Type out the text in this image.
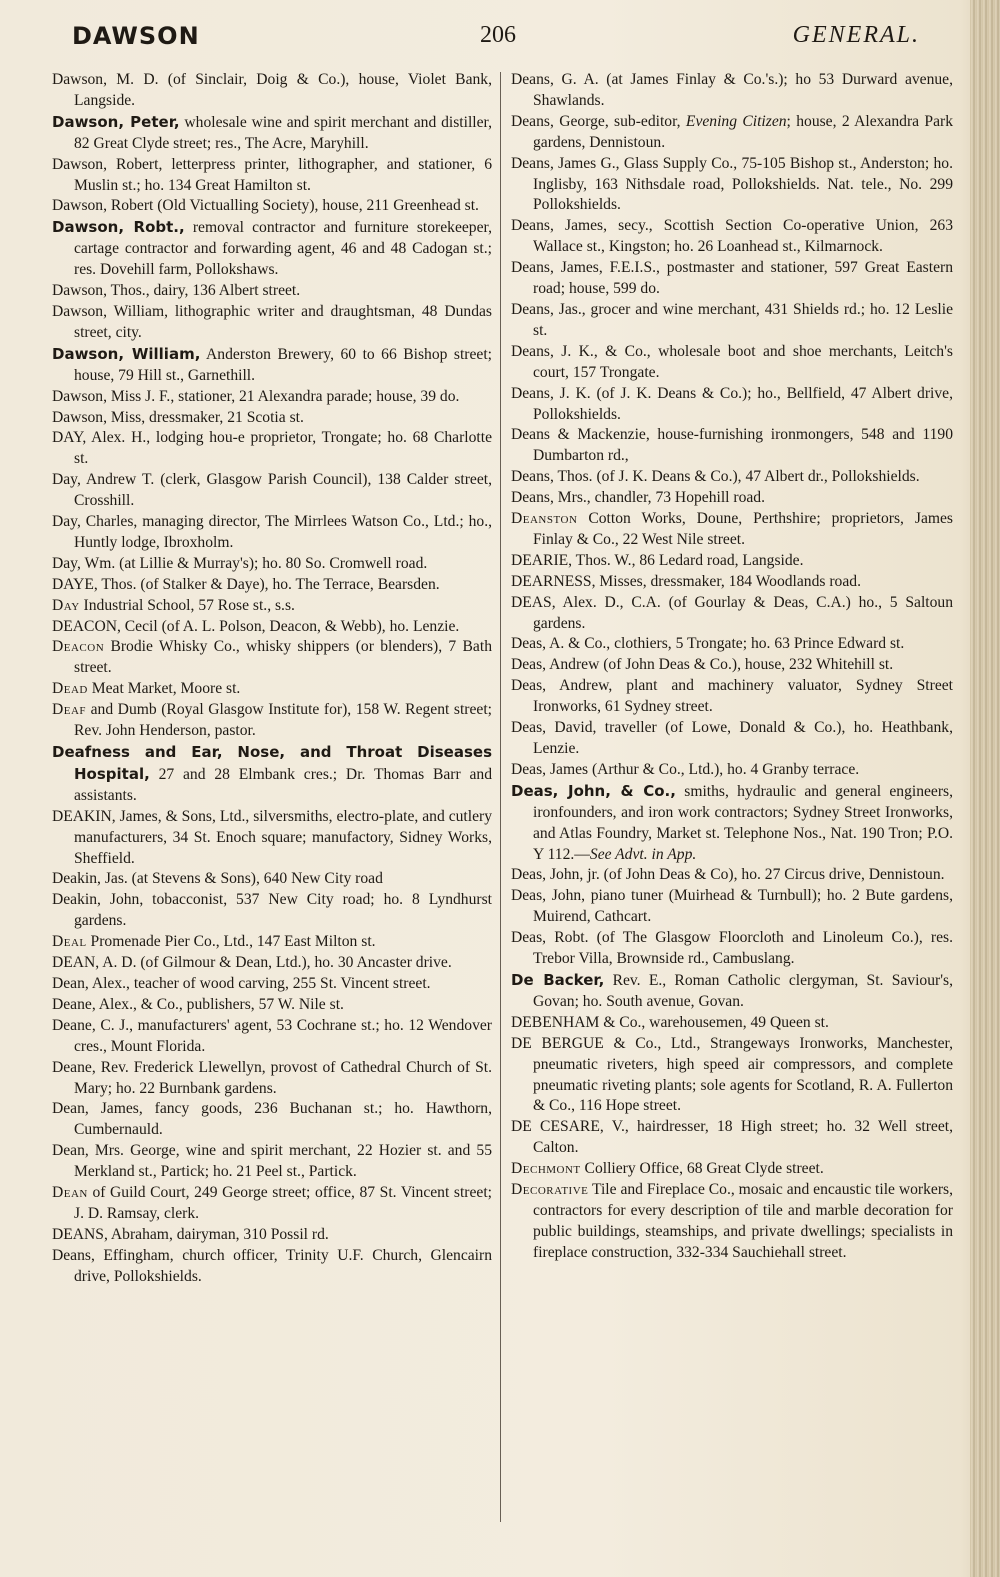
DAWSON	206	GENERAL.

Dawson, M. D. (of Sinclair, Doig & Co.), house, Violet Bank, Langside.

Dawson, Peter, wholesale wine and spirit merchant and distiller, 82 Great Clyde street; res., The Acre, Maryhill.

Dawson, Robert, letterpress printer, lithographer, and stationer, 6 Muslin st.; ho. 134 Great Hamilton st.

Dawson, Robert (Old Victualling Society), house, 211 Greenhead st.

Dawson, Robt., removal contractor and furniture storekeeper, cartage contractor and forwarding agent, 46 and 48 Cadogan st.; res. Dovehill farm, Pollokshaws.

Dawson, Thos., dairy, 136 Albert street.

Dawson, William, lithographic writer and draughtsman, 48 Dundas street, city.

Dawson, William, Anderston Brewery, 60 to 66 Bishop street; house, 79 Hill st., Garnethill.

Dawson, Miss J. F., stationer, 21 Alexandra parade; house, 39 do.

Dawson, Miss, dressmaker, 21 Scotia st.

DAY, Alex. H., lodging hou-e proprietor, Trongate; ho. 68 Charlotte st.

Day, Andrew T. (clerk, Glasgow Parish Council), 138 Calder street, Crosshill.

Day, Charles, managing director, The Mirrlees Watson Co., Ltd.; ho., Huntly lodge, Ibroxholm.

Day, Wm. (at Lillie & Murray's); ho. 80 So. Cromwell road.

DAYE, Thos. (of Stalker & Daye), ho. The Terrace, Bearsden.

Day Industrial School, 57 Rose st., s.s.

DEACON, Cecil (of A. L. Polson, Deacon, & Webb), ho. Lenzie.

Deacon Brodie Whisky Co., whisky shippers (or blenders), 7 Bath street.

Dead Meat Market, Moore st.

Deaf and Dumb (Royal Glasgow Institute for), 158 W. Regent street; Rev. John Henderson, pastor.

Deafness and Ear, Nose, and Throat Diseases Hospital, 27 and 28 Elmbank cres.; Dr. Thomas Barr and assistants.

DEAKIN, James, & Sons, Ltd., silversmiths, electro-plate, and cutlery manufacturers, 34 St. Enoch square; manufactory, Sidney Works, Sheffield.

Deakin, Jas. (at Stevens & Sons), 640 New City road

Deakin, John, tobacconist, 537 New City road; ho. 8 Lyndhurst gardens.

Deal Promenade Pier Co., Ltd., 147 East Milton st.

DEAN, A. D. (of Gilmour & Dean, Ltd.), ho. 30 Ancaster drive.

Dean, Alex., teacher of wood carving, 255 St. Vincent street.

Deane, Alex., & Co., publishers, 57 W. Nile st.

Deane, C. J., manufacturers' agent, 53 Cochrane st.; ho. 12 Wendover cres., Mount Florida.

Deane, Rev. Frederick Llewellyn, provost of Cathedral Church of St. Mary; ho. 22 Burnbank gardens.

Dean, James, fancy goods, 236 Buchanan st.; ho. Hawthorn, Cumbernauld.

Dean, Mrs. George, wine and spirit merchant, 22 Hozier st. and 55 Merkland st., Partick; ho. 21 Peel st., Partick.

Dean of Guild Court, 249 George street; office, 87 St. Vincent street; J. D. Ramsay, clerk.

DEANS, Abraham, dairyman, 310 Possil rd.

Deans, Effingham, church officer, Trinity U.F. Church, Glencairn drive, Pollokshields.

Deans, G. A. (at James Finlay & Co.'s.); ho 53 Durward avenue, Shawlands.

Deans, George, sub-editor, Evening Citizen; house, 2 Alexandra Park gardens, Dennistoun.

Deans, James G., Glass Supply Co., 75-105 Bishop st., Anderston; ho. Inglisby, 163 Nithsdale road, Pollokshields. Nat. tele., No. 299 Pollokshields.

Deans, James, secy., Scottish Section Co-operative Union, 263 Wallace st., Kingston; ho. 26 Loanhead st., Kilmarnock.

Deans, James, F.E.I.S., postmaster and stationer, 597 Great Eastern road; house, 599 do.

Deans, Jas., grocer and wine merchant, 431 Shields rd.; ho. 12 Leslie st.

Deans, J. K., & Co., wholesale boot and shoe merchants, Leitch's court, 157 Trongate.

Deans, J. K. (of J. K. Deans & Co.); ho., Bellfield, 47 Albert drive, Pollokshields.

Deans & Mackenzie, house-furnishing ironmongers, 548 and 1190 Dumbarton rd.,

Deans, Thos. (of J. K. Deans & Co.), 47 Albert dr., Pollokshields.

Deans, Mrs., chandler, 73 Hopehill road.

Deanston Cotton Works, Doune, Perthshire; proprietors, James Finlay & Co., 22 West Nile street.

DEARIE, Thos. W., 86 Ledard road, Langside.

DEARNESS, Misses, dressmaker, 184 Woodlands road.

DEAS, Alex. D., C.A. (of Gourlay & Deas, C.A.) ho., 5 Saltoun gardens.

Deas, A. & Co., clothiers, 5 Trongate; ho. 63 Prince Edward st.

Deas, Andrew (of John Deas & Co.), house, 232 Whitehill st.

Deas, Andrew, plant and machinery valuator, Sydney Street Ironworks, 61 Sydney street.

Deas, David, traveller (of Lowe, Donald & Co.), ho. Heathbank, Lenzie.

Deas, James (Arthur & Co., Ltd.), ho. 4 Granby terrace.

Deas, John, & Co., smiths, hydraulic and general engineers, ironfounders, and iron work contractors; Sydney Street Ironworks, and Atlas Foundry, Market st. Telephone Nos., Nat. 190 Tron; P.O. Y 112.—See Advt. in App.

Deas, John, jr. (of John Deas & Co), ho. 27 Circus drive, Dennistoun.

Deas, John, piano tuner (Muirhead & Turnbull); ho. 2 Bute gardens, Muirend, Cathcart.

Deas, Robt. (of The Glasgow Floorcloth and Linoleum Co.), res. Trebor Villa, Brownside rd., Cambuslang.

De Backer, Rev. E., Roman Catholic clergyman, St. Saviour's, Govan; ho. South avenue, Govan.

DEBENHAM & Co., warehousemen, 49 Queen st.

DE BERGUE & Co., Ltd., Strangeways Ironworks, Manchester, pneumatic riveters, high speed air compressors, and complete pneumatic riveting plants; sole agents for Scotland, R. A. Fullerton & Co., 116 Hope street.

DE CESARE, V., hairdresser, 18 High street; ho. 32 Well street, Calton.

Dechmont Colliery Office, 68 Great Clyde street.

Decorative Tile and Fireplace Co., mosaic and encaustic tile workers, contractors for every description of tile and marble decoration for public buildings, steamships, and private dwellings; specialists in fireplace construction, 332-334 Sauchiehall street.
